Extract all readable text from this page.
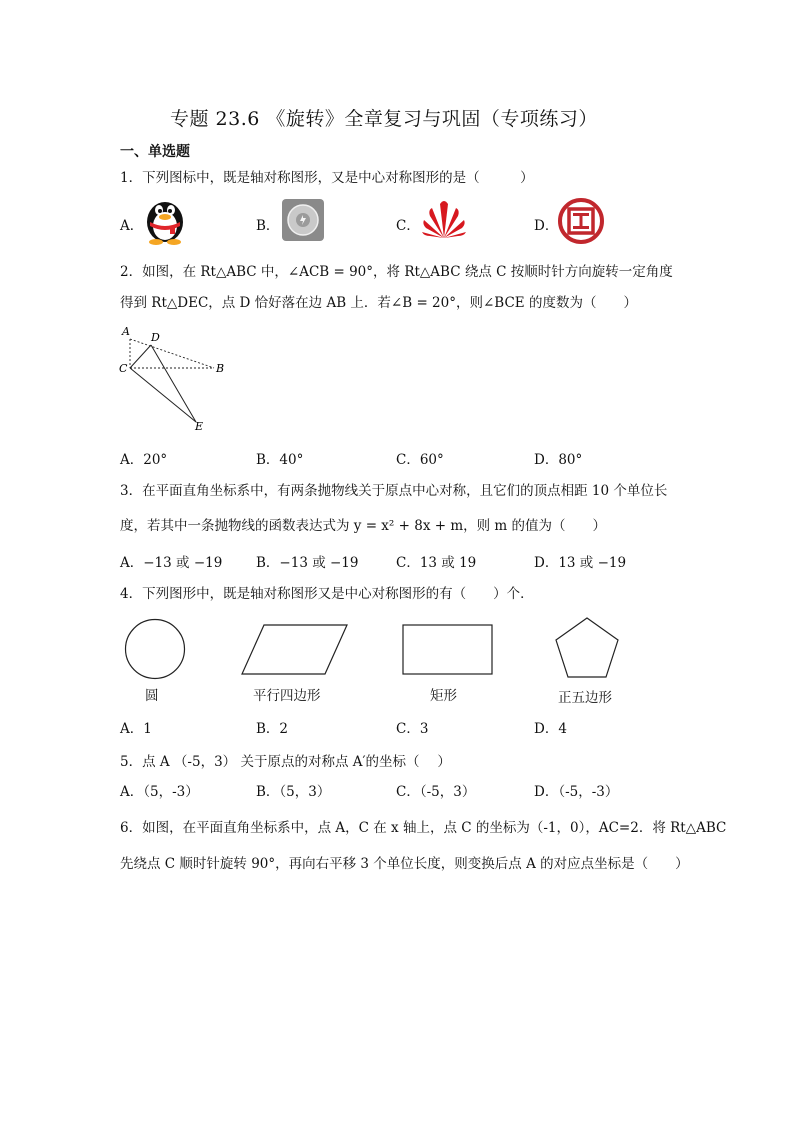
专题 23.6 《旋转》全章复习与巩固（专项练习）
一、单选题
1．下列图标中，既是轴对称图形，又是中心对称图形的是（　　　）
A．	B．	C．	D．
2．如图，在 Rt△ABC 中，∠ACB = 90°，将 Rt△ABC 绕点 C 按顺时针方向旋转一定角度
得到 Rt△DEC，点 D 恰好落在边 AB 上．若∠B = 20°，则∠BCE 的度数为（　　）
A D
C	B
E
A．20°	B．40°	C．60°	D．80°
3．在平面直角坐标系中，有两条抛物线关于原点中心对称，且它们的顶点相距 10 个单位长
度，若其中一条抛物线的函数表达式为 y = x² + 8x + m，则 m 的值为（　　）
A．−13 或 −19 B．−13 或 −19	C．13 或 19	D．13 或 −19
4．下列图形中，既是轴对称图形又是中心对称图形的有（　　）个．
圆	平行四边形	矩形	正五边形
A．1	B．2	C．3	D．4
5．点 A （-5，3） 关于原点的对称点 A′的坐标（　 ）
A．（5，-3）	B．（5，3）	C．（-5，3）	D．（-5，-3）
6．如图，在平面直角坐标系中，点 A，C 在 x 轴上，点 C 的坐标为（-1，0），AC=2．将 Rt△ABC
先绕点 C 顺时针旋转 90°，再向右平移 3 个单位长度，则变换后点 A 的对应点坐标是（　　）
